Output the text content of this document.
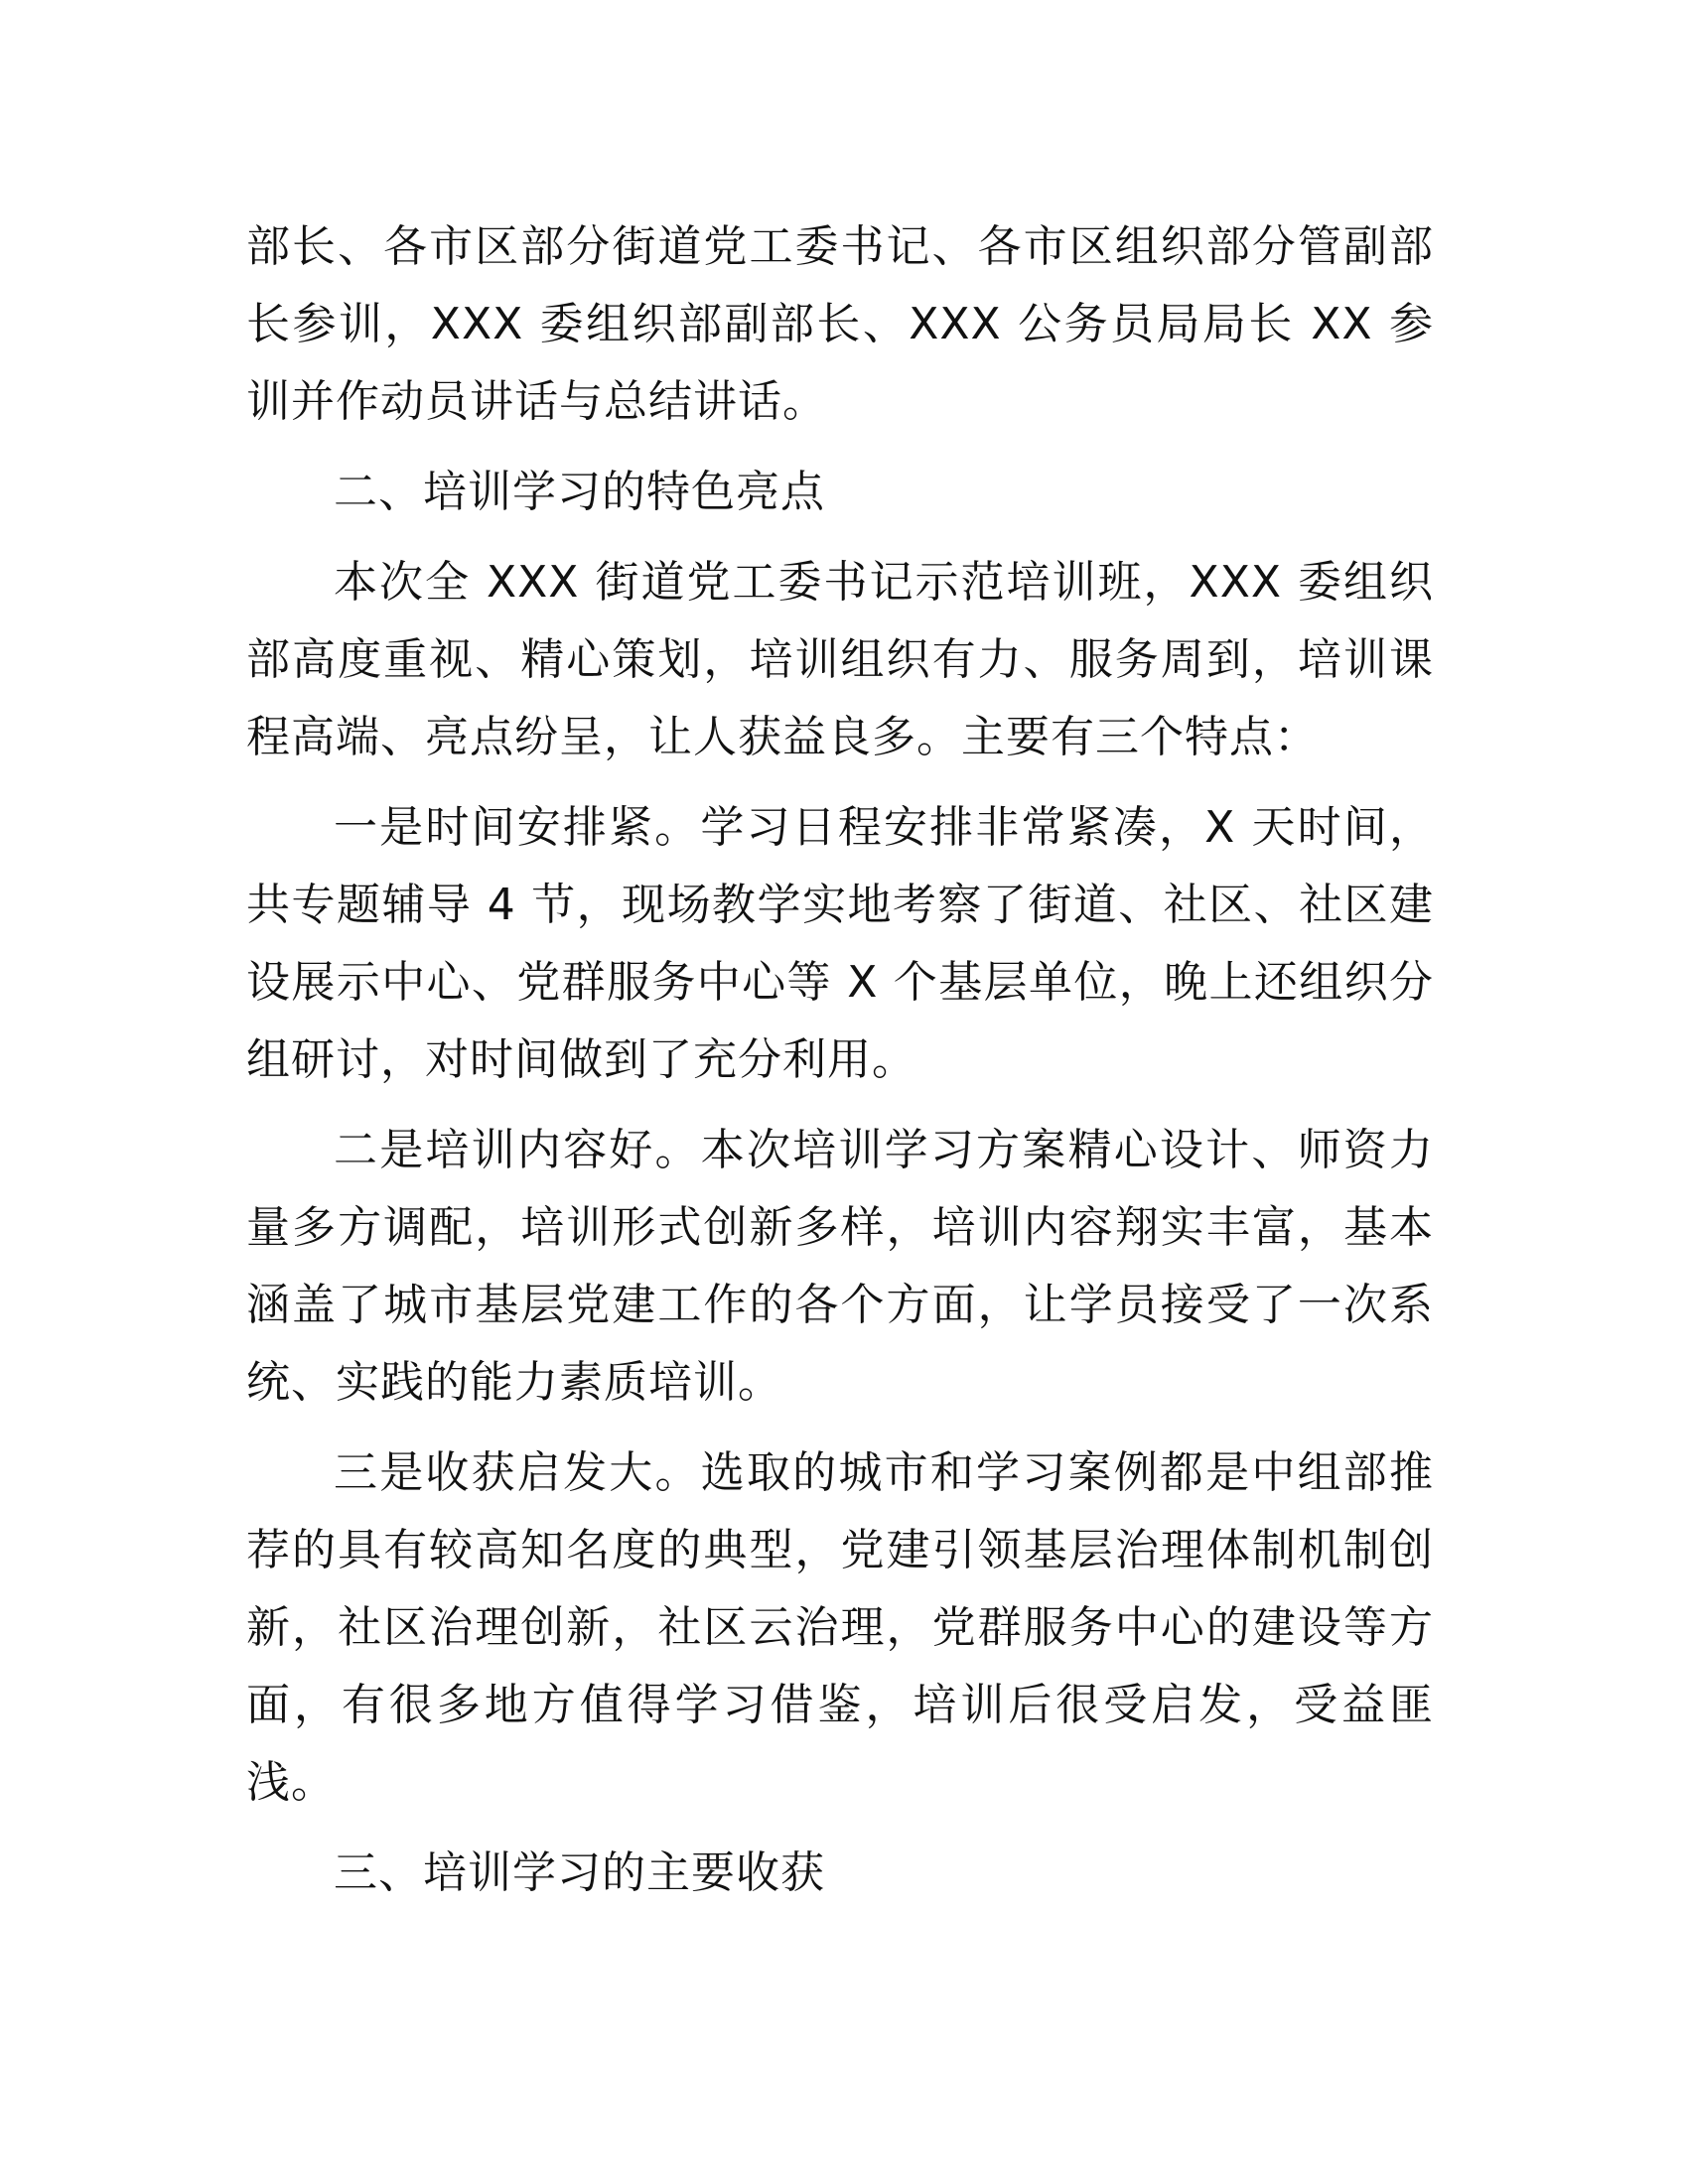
部长、各市区部分街道党工委书记、各市区组织部分管副部长参训，XXX 委组织部副部长、XXX 公务员局局长 XX 参训并作动员讲话与总结讲话。

二、培训学习的特色亮点

本次全 XXX 街道党工委书记示范培训班，XXX 委组织部高度重视、精心策划，培训组织有力、服务周到，培训课程高端、亮点纷呈，让人获益良多。主要有三个特点：

一是时间安排紧。学习日程安排非常紧凑，X 天时间，共专题辅导 4 节，现场教学实地考察了街道、社区、社区建设展示中心、党群服务中心等 X 个基层单位，晚上还组织分组研讨，对时间做到了充分利用。

二是培训内容好。本次培训学习方案精心设计、师资力量多方调配，培训形式创新多样，培训内容翔实丰富，基本涵盖了城市基层党建工作的各个方面，让学员接受了一次系统、实践的能力素质培训。

三是收获启发大。选取的城市和学习案例都是中组部推荐的具有较高知名度的典型，党建引领基层治理体制机制创新，社区治理创新，社区云治理，党群服务中心的建设等方面，有很多地方值得学习借鉴，培训后很受启发，受益匪浅。

三、培训学习的主要收获
